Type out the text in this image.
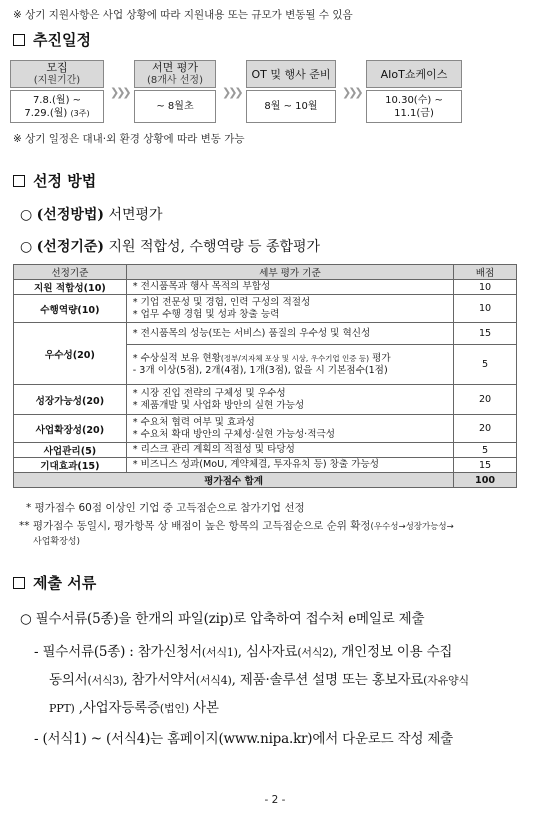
※ 상기 지원사항은 사업 상황에 따라 지원내용 또는 규모가 변동될 수 있음
추진일정
모집
(지원기간)
7.8.(월) ~
7.29.(월) (3주)
❯❯❯
서면 평가
(8개사 선정)
~ 8월초
❯❯❯
OT 및 행사 준비
8월 ~ 10월
❯❯❯
AIoT쇼케이스
10.30(수) ~
11.1(금)
※ 상기 일정은 대내·외 환경 상황에 따라 변동 가능
선정 방법
○ (선정방법) 서면평가
○ (선정기준) 지원 적합성, 수행역량 등 종합평가
선정기준	세부 평가 기준	배점
지원 적합성(10)	* 전시품목과 행사 목적의 부합성	10
수행역량(10)	* 기업 전문성 및 경험, 인력 구성의 적절성
* 업무 수행 경험 및 성과 창출 능력	10
우수성(20)	* 전시품목의 성능(또는 서비스) 품질의 우수성 및 혁신성	15

	* 수상실적 보유 현황(정부/지자체 포상 및 시상, 우수기업 인증 등) 평가
- 3개 이상(5점), 2개(4점), 1개(3점), 없을 시 기본점수(1점)	5
성장가능성(20)	* 시장 진입 전략의 구체성 및 우수성
* 제품개발 및 사업화 방안의 실현 가능성	20
사업확장성(20)	* 수요처 협력 여부 및 효과성
* 수요처 확대 방안의 구체성·실현 가능성·적극성	20
사업관리(5)	* 리스크 관리 계획의 적절성 및 타당성	5
기대효과(15)	* 비즈니스 성과(MoU, 계약체결, 투자유치 등) 창출 가능성	15
평가점수 합계		100
* 평가점수 60점 이상인 기업 중 고득점순으로 참가기업 선정
** 평가점수 동일시, 평가항목 상 배점이 높은 항목의 고득점순으로 순위 확정(우수성→성장가능성→
사업확장성)
제출 서류
○ 필수서류(5종)을 한개의 파일(zip)로 압축하여 접수처 e메일로 제출
- 필수서류(5종) : 참가신청서(서식1), 심사자료(서식2), 개인정보 이용 수집
동의서(서식3), 참가서약서(서식4), 제품·솔루션 설명 또는 홍보자료(자유양식
PPT) ,사업자등록증(법인) 사본
- (서식1) ~ (서식4)는 홈페이지(www.nipa.kr)에서 다운로드 작성 제출
- 2 -
